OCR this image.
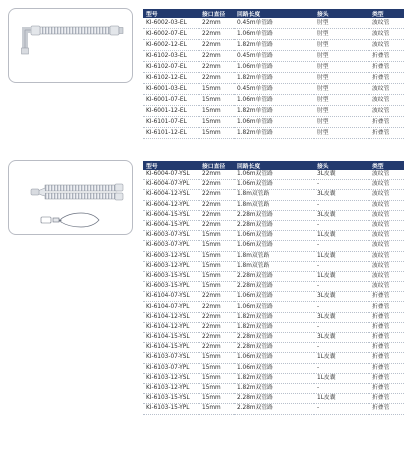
型号	接口直径	回路长度	接头	类型
KI-6002-03-EL	22mm	0.45m单管路	肘型	波纹管
KI-6002-07-EL	22mm	1.06m单管路	肘型	波纹管
KI-6002-12-EL	22mm	1.82m单管路	肘型	波纹管
KI-6102-03-EL	22mm	0.45m单管路	肘型	折叠管
KI-6102-07-EL	22mm	1.06m单管路	肘型	折叠管
KI-6102-12-EL	22mm	1.82m单管路	肘型	折叠管
KI-6001-03-EL	15mm	0.45m单管路	肘型	波纹管
KI-6001-07-EL	15mm	1.06m单管路	肘型	波纹管
KI-6001-12-EL	15mm	1.82m单管路	肘型	波纹管
KI-6101-07-EL	15mm	1.06m单管路	肘型	折叠管
KI-6101-12-EL	15mm	1.82m单管路	肘型	折叠管
型号	接口直径	回路长度	接头	类型
KI-6004-07-YSL	22mm	1.06m双管路	3L皮囊	波纹管
KI-6004-07-YPL	22mm	1.06m双管路	-	波纹管
KI-6004-12-YSL	22mm	1.8m双管路	3L皮囊	波纹管
KI-6004-12-YPL	22mm	1.8m双管路	-	波纹管
KI-6004-15-YSL	22mm	2.28m双管路	3L皮囊	波纹管
KI-6004-15-YPL	22mm	2.28m双管路	-	波纹管
KI-6003-07-YSL	15mm	1.06m双管路	1L皮囊	波纹管
KI-6003-07-YPL	15mm	1.06m双管路	-	波纹管
KI-6003-12-YSL	15mm	1.8m双管路	1L皮囊	波纹管
KI-6003-12-YPL	15mm	1.8m双管路	-	波纹管
KI-6003-15-YSL	15mm	2.28m双管路	1L皮囊	波纹管
KI-6003-15-YPL	15mm	2.28m双管路	-	波纹管
KI-6104-07-YSL	22mm	1.06m双管路	3L皮囊	折叠管
KI-6104-07-YPL	22mm	1.06m双管路	-	折叠管
KI-6104-12-YSL	22mm	1.82m双管路	3L皮囊	折叠管
KI-6104-12-YPL	22mm	1.82m双管路	-	折叠管
KI-6104-15-YSL	22mm	2.28m双管路	3L皮囊	折叠管
KI-6104-15-YPL	22mm	2.28m双管路	-	折叠管
KI-6103-07-YSL	15mm	1.06m双管路	1L皮囊	折叠管
KI-6103-07-YPL	15mm	1.06m双管路	-	折叠管
KI-6103-12-YSL	15mm	1.82m双管路	1L皮囊	折叠管
KI-6103-12-YPL	15mm	1.82m双管路	-	折叠管
KI-6103-15-YSL	15mm	2.28m双管路	1L皮囊	折叠管
KI-6103-15-YPL	15mm	2.28m双管路	-	折叠管
